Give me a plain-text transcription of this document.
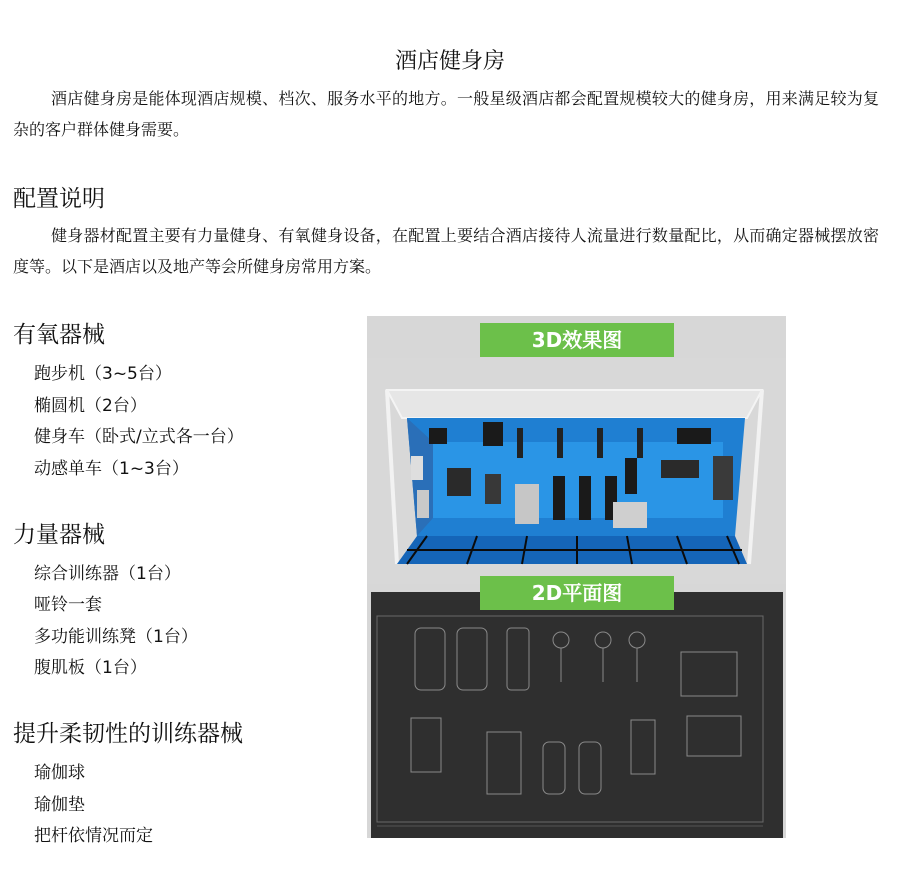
酒店健身房
酒店健身房是能体现酒店规模、档次、服务水平的地方。一般星级酒店都会配置规模较大的健身房，用来满足较为复杂的客户群体健身需要。
配置说明
健身器材配置主要有力量健身、有氧健身设备，在配置上要结合酒店接待人流量进行数量配比，从而确定器械摆放密度等。以下是酒店以及地产等会所健身房常用方案。
有氧器械
跑步机（3~5台）
椭圆机（2台）
健身车（卧式/立式各一台）
动感单车（1~3台）
力量器械
综合训练器（1台）
哑铃一套
多功能训练凳（1台）
腹肌板（1台）
提升柔韧性的训练器械
瑜伽球
瑜伽垫
把杆依情况而定
3D效果图
2D平面图
